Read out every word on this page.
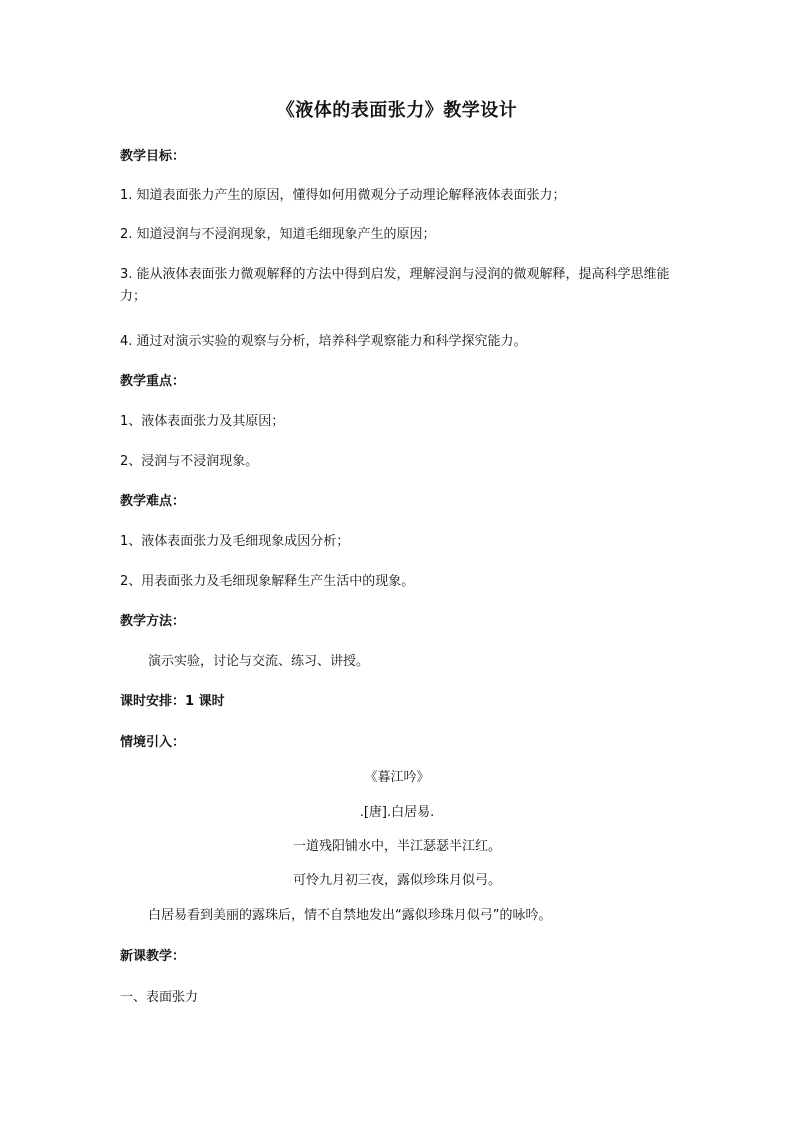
《液体的表面张力》教学设计
教学目标：
1. 知道表面张力产生的原因，懂得如何用微观分子动理论解释液体表面张力；
2. 知道浸润与不浸润现象，知道毛细现象产生的原因；
3. 能从液体表面张力微观解释的方法中得到启发，理解浸润与浸润的微观解释，提高科学思维能力；
4. 通过对演示实验的观察与分析，培养科学观察能力和科学探究能力。
教学重点：
1、液体表面张力及其原因；
2、浸润与不浸润现象。
教学难点：
1、液体表面张力及毛细现象成因分析；
2、用表面张力及毛细现象解释生产生活中的现象。
教学方法：
演示实验，讨论与交流、练习、讲授。
课时安排：1 课时
情境引入：
《暮江吟》
.[唐].白居易.
一道残阳铺水中，半江瑟瑟半江红。
可怜九月初三夜，露似珍珠月似弓。
白居易看到美丽的露珠后，情不自禁地发出“露似珍珠月似弓”的咏吟。
新课教学：
一、表面张力
